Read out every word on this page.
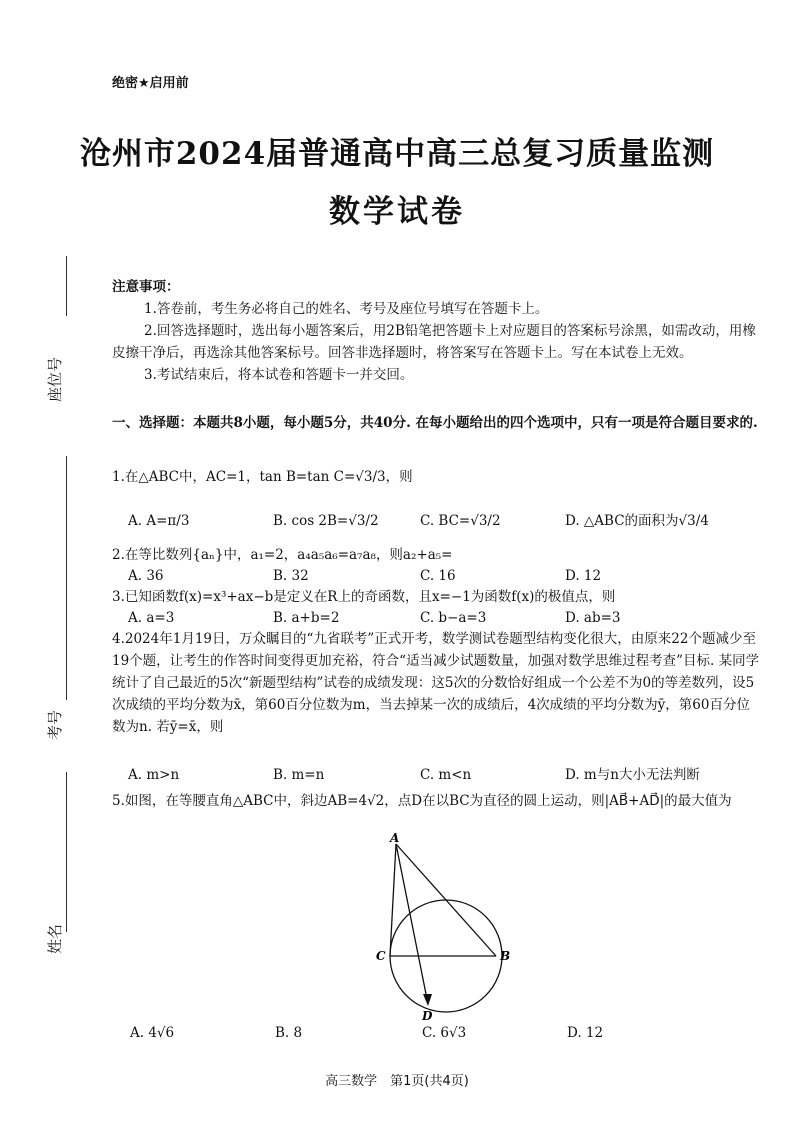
绝密★启用前
沧州市2024届普通高中高三总复习质量监测
数学试卷
座位号
考号
姓名

注意事项：

1.答卷前，考生务必将自己的姓名、考号及座位号填写在答题卡上。

2.回答选择题时，选出每小题答案后，用2B铅笔把答题卡上对应题目的答案标号涂黑，如需改动，用橡皮擦干净后，再选涂其他答案标号。回答非选择题时，将答案写在答题卡上。写在本试卷上无效。

3.考试结束后，将本试卷和答题卡一并交回。

一、选择题：本题共8小题，每小题5分，共40分. 在每小题给出的四个选项中，只有一项是符合题目要求的.
1.在△ABC中，AC=1，tan B=tan C=√3/3，则
A. A=π/3	B. cos 2B=√3/2	C. BC=√3/2	D. △ABC的面积为√3/4
2.在等比数列{aₙ}中，a₁=2，a₄a₅a₆=a₇a₈，则a₂+a₅=
A. 36	B. 32	C. 16	D. 12
3.已知函数f(x)=x³+ax−b是定义在R上的奇函数，且x=−1为函数f(x)的极值点，则
A. a=3	B. a+b=2	C. b−a=3	D. ab=3
4.2024年1月19日，万众瞩目的“九省联考”正式开考，数学测试卷题型结构变化很大，由原来22个题减少至19个题，让考生的作答时间变得更加充裕，符合“适当减少试题数量，加强对数学思维过程考查”目标. 某同学统计了自己最近的5次“新题型结构”试卷的成绩发现：这5次的分数恰好组成一个公差不为0的等差数列，设5次成绩的平均分数为x̄，第60百分位数为m，当去掉某一次的成绩后，4次成绩的平均分数为ȳ，第60百分位数为n. 若ȳ=x̄，则
A. m>n	B. m=n	C. m<n	D. m与n大小无法判断
5.如图，在等腰直角△ABC中，斜边AB=4√2，点D在以BC为直径的圆上运动，则|AB⃗+AD⃗|的最大值为
A
B
C
D
A. 4√6	B. 8	C. 6√3	D. 12
高三数学　第1页(共4页)
